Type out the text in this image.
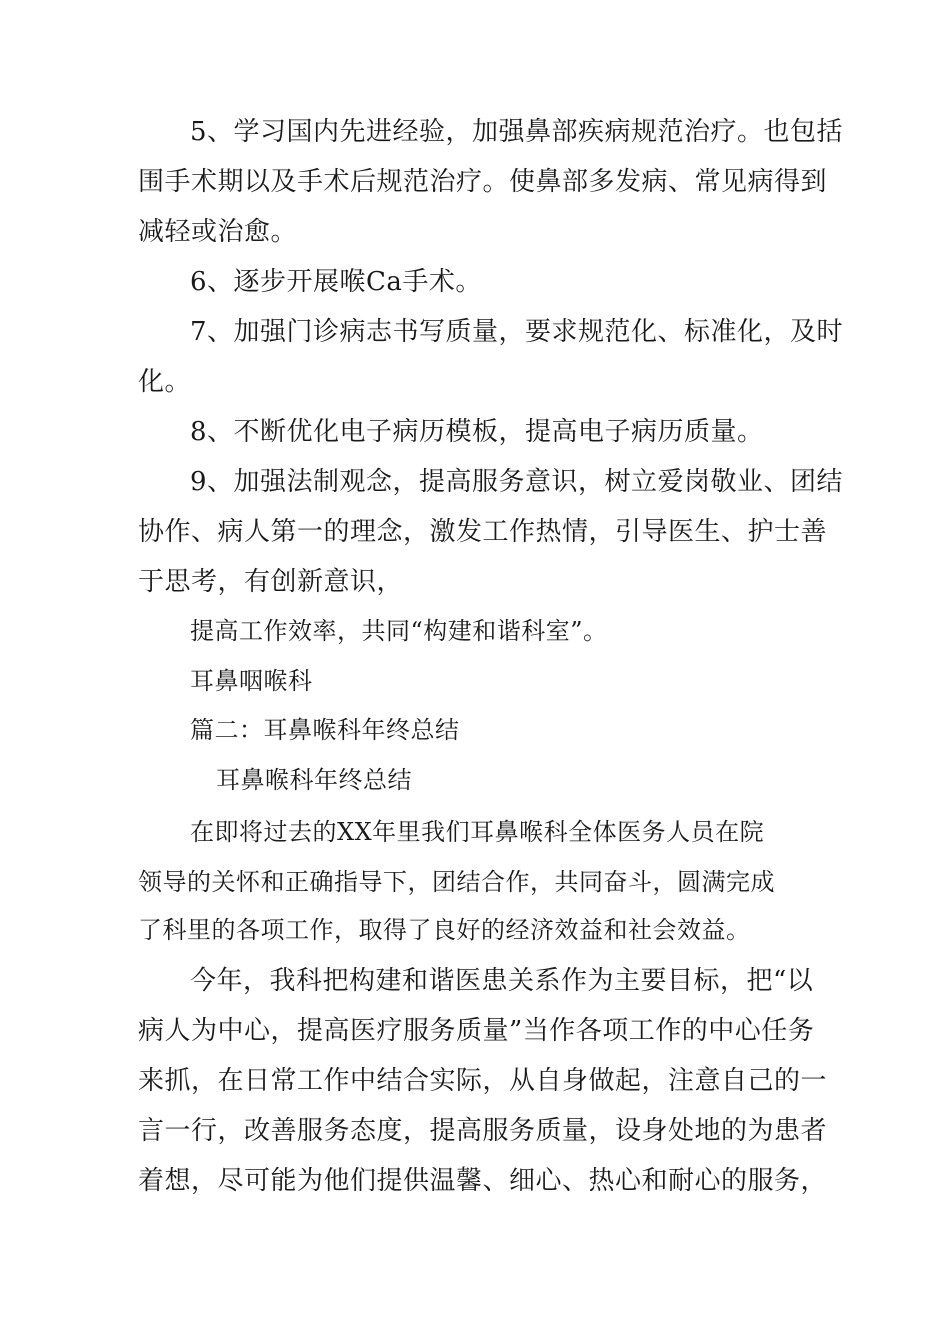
5、学习国内先进经验，加强鼻部疾病规范治疗。也包括
围手术期以及手术后规范治疗。使鼻部多发病、常见病得到
减轻或治愈。
6、逐步开展喉Ca手术。
7、加强门诊病志书写质量，要求规范化、标准化，及时
化。
8、不断优化电子病历模板，提高电子病历质量。
9、加强法制观念，提高服务意识，树立爱岗敬业、团结
协作、病人第一的理念，激发工作热情，引导医生、护士善
于思考，有创新意识，
提高工作效率，共同“构建和谐科室”。
耳鼻咽喉科
篇二：耳鼻喉科年终总结
耳鼻喉科年终总结
在即将过去的XX年里我们耳鼻喉科全体医务人员在院
领导的关怀和正确指导下，团结合作，共同奋斗，圆满完成
了科里的各项工作，取得了良好的经济效益和社会效益。
今年，我科把构建和谐医患关系作为主要目标，把“以
病人为中心，提高医疗服务质量”当作各项工作的中心任务
来抓，在日常工作中结合实际，从自身做起，注意自己的一
言一行，改善服务态度，提高服务质量，设身处地的为患者
着想，尽可能为他们提供温馨、细心、热心和耐心的服务，
